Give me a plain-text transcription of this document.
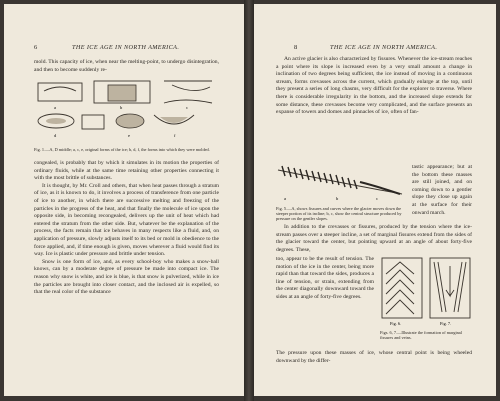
6	THE ICE AGE IN NORTH AMERICA.
mold. This capacity of ice, when near the melting-point, to undergo disintegration, and then to become suddenly re-
a	b	c
d	e	f
Fig. 1.—A, D middle; a, c, e, original forms of the ice; b, d, f, the forms into which they were molded.

congealed, is probably that by which it simulates in its motion the properties of ordinary fluids, while at the same time retaining other properties connecting it with the most brittle of substances.

It is thought, by Mr. Croll and others, that when heat passes through a stratum of ice, as it is known to do, it involves a process of transference from one particle of ice to another, in which there are successive melting and freezing of the particles in the progress of the heat, and that finally the molecule of ice upon the opposite side, in becoming recongealed, delivers up the unit of heat which had entered the stratum from the other side. But, whatever be the explanation of the process, the facts remain that ice behaves in many respects like a fluid, and, on application of pressure, slowly adjusts itself to its bed or mold in obedience to the force applied, and, if time enough is given, moves wherever a fluid would find its way. Ice is plastic under pressure and brittle under tension.

Snow is one form of ice, and, as every school-boy who makes a snow-ball knows, can by a moderate degree of pressure be made into compact ice. The reason why snow is white, and ice is blue, is that snow is pulverized, while in ice the particles are brought into closer contact, and the inclosed air is expelled, so that the real color of the substance

8	THE ICE AGE IN NORTH AMERICA.
An active glacier is also characterized by fissures. Whenever the ice-stream reaches a point where its slope is increased even by a very small amount a change in inclination of two degrees being sufficient, the ice instead of moving in a continuous stream, forms crevasses across the current, which gradually enlarge at the top, until they present a series of long chasms, very difficult for the explorer to traverse. Where there is considerable irregularity in the bottom, and the increased slope extends for some distance, these crevasses become very complicated, and the surface presents an expanse of towers and domes and pinnacles of ice, often of fan-
a	b	c
tastic appearance; but at the bottom these masses are still joined, and on coming down to a gentler slope they close up again at the surface for their onward march.
Fig. 5.—A, shows fissures and curves where the glacier moves down the steeper portion of its incline; b, c, show the central structure produced by pressure on the gentler slopes.
In addition to the crevasses or fissures, produced by the tension where the ice-stream passes over a steeper incline, a set of marginal fissures extend from the sides of the glacier toward the center, but pointing upward at an angle of about forty-five degrees. These,
too, appear to be the result of tension. The motion of the ice in the center, being more rapid than that toward the sides, produces a line of tension, or strain, extending from the center diagonally downward toward the sides at an angle of forty-five degrees.
Fig. 6.	Fig. 7.
Figs. 6, 7.—Illustrate the formation of marginal fissures and veins.
The pressure upon these masses of ice, whose central point is being wheeled downward by the differ-
